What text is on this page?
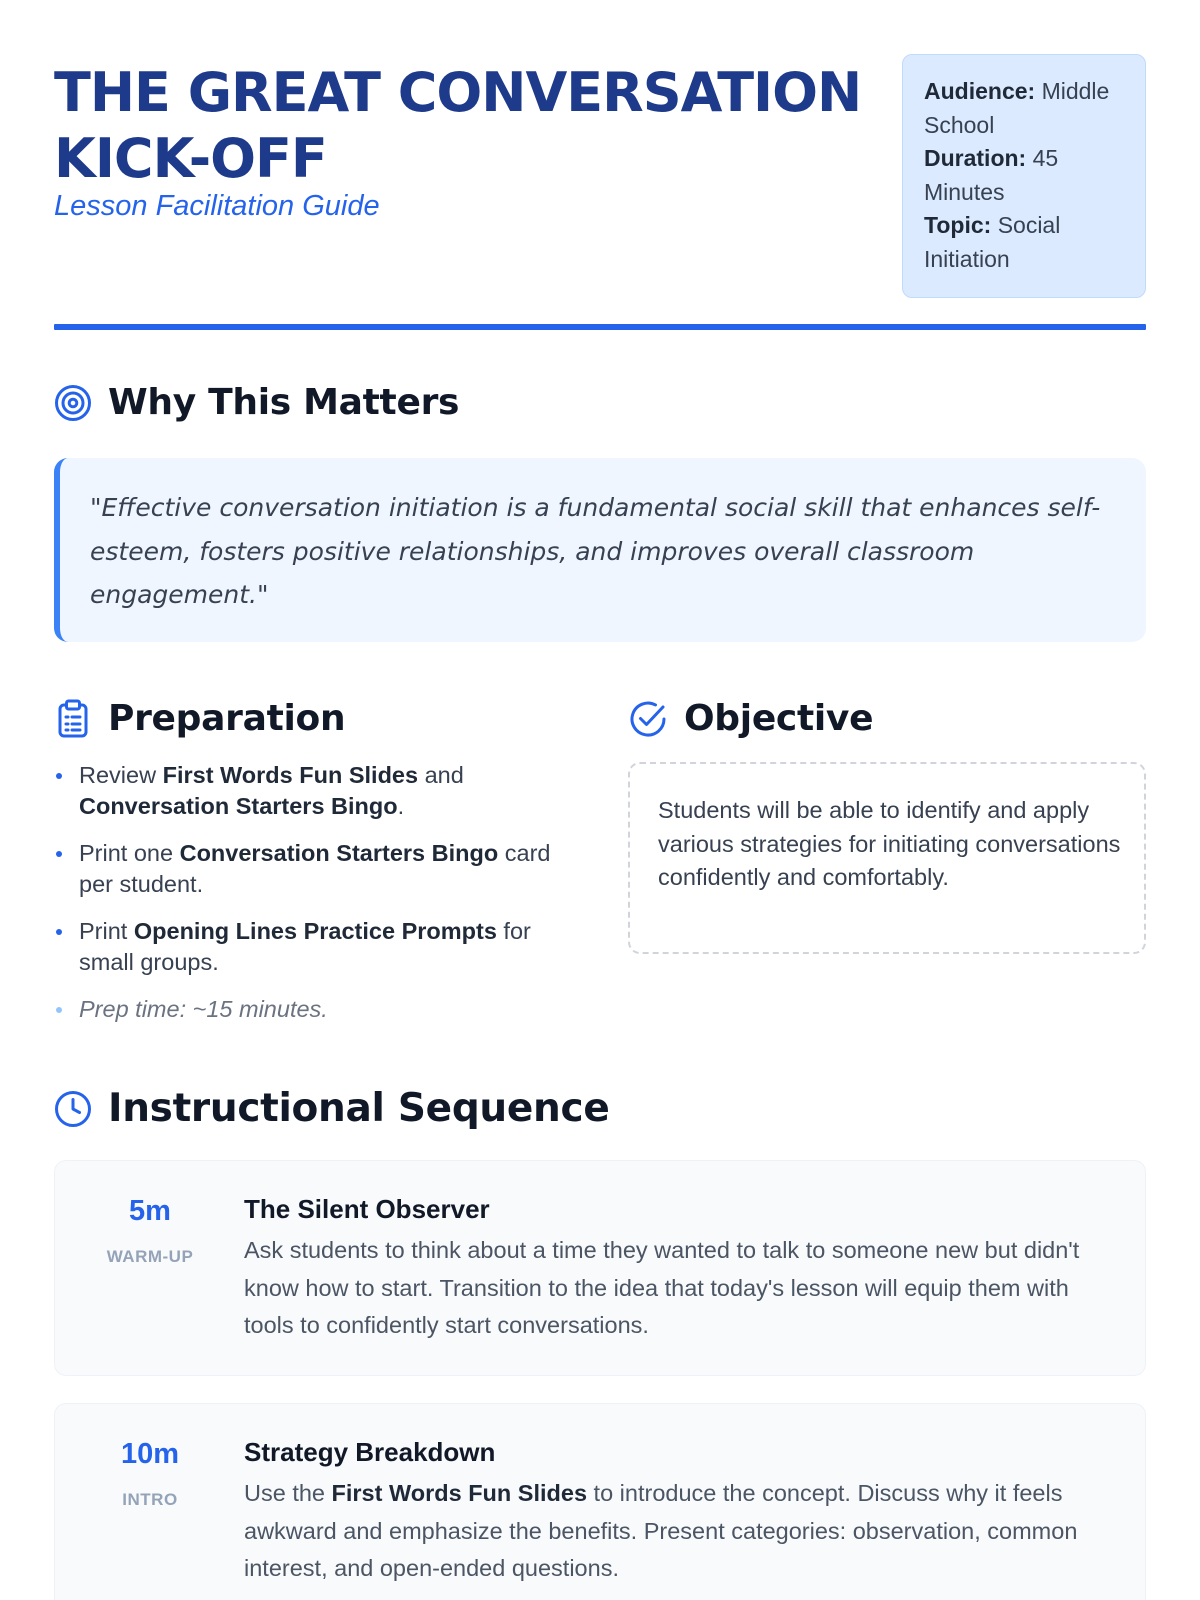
THE GREAT CONVERSATION KICK-OFF
Lesson Facilitation Guide
Audience: Middle School
Duration: 45 Minutes
Topic: Social Initiation
Why This Matters
"Effective conversation initiation is a fundamental social skill that enhances self-esteem, fosters positive relationships, and improves overall classroom engagement."
Preparation
Review First Words Fun Slides and Conversation Starters Bingo.
Print one Conversation Starters Bingo card per student.
Print Opening Lines Practice Prompts for small groups.
Prep time: ~15 minutes.
Objective
Students will be able to identify and apply various strategies for initiating conversations confidently and comfortably.
Instructional Sequence
5m
WARM-UP
The Silent Observer
Ask students to think about a time they wanted to talk to someone new but didn't know how to start. Transition to the idea that today's lesson will equip them with tools to confidently start conversations.
10m
INTRO
Strategy Breakdown
Use the First Words Fun Slides to introduce the concept. Discuss why it feels awkward and emphasize the benefits. Present categories: observation, common interest, and open-ended questions.
